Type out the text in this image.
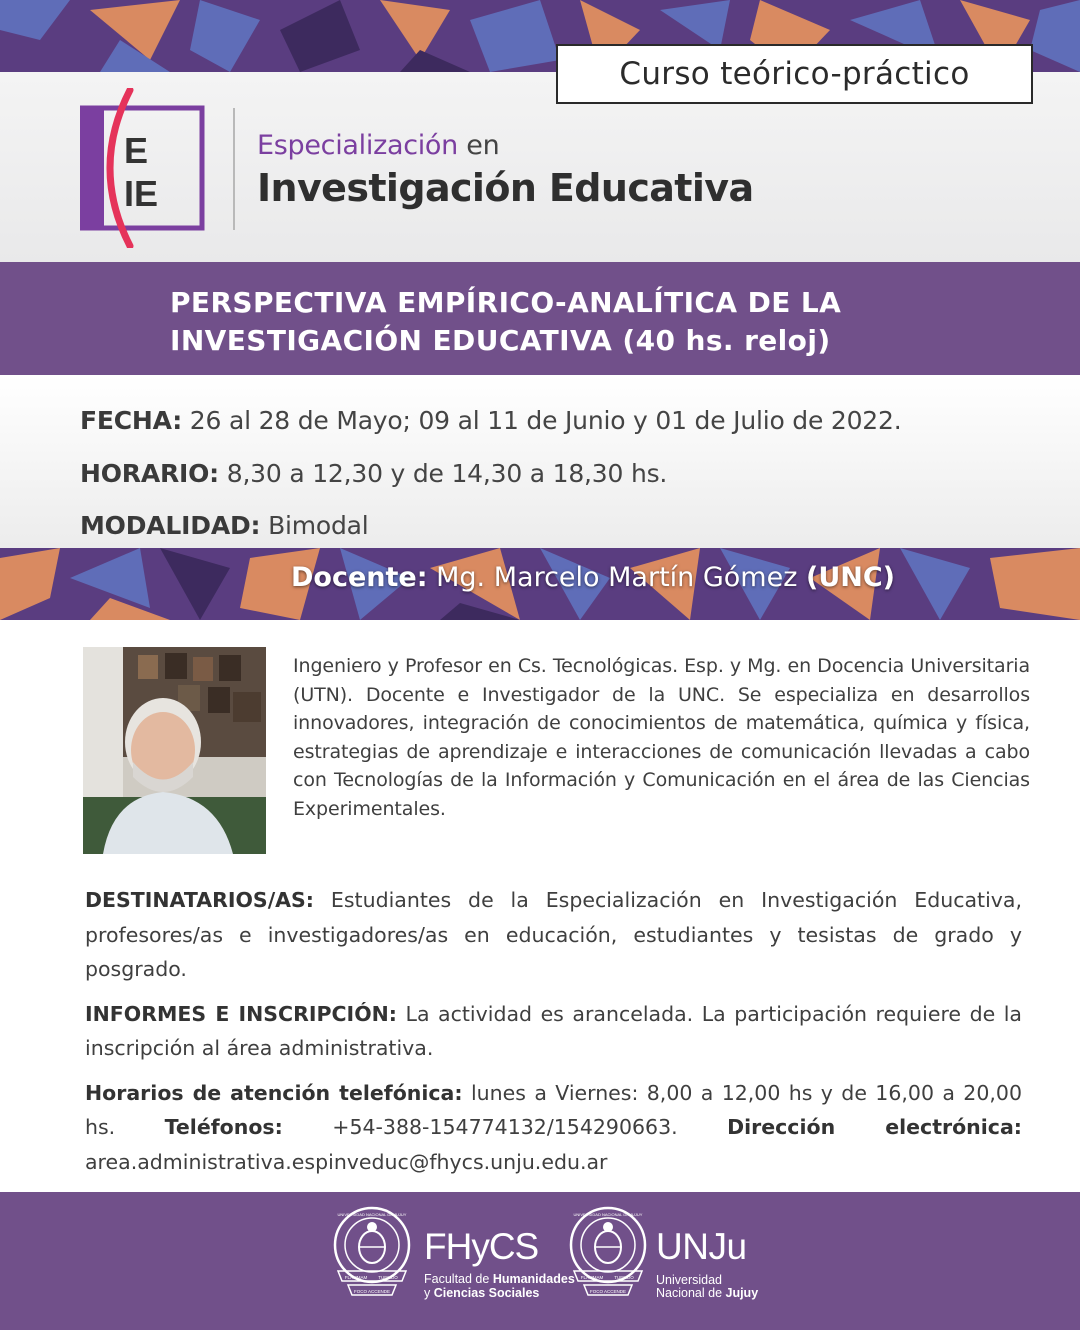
Curso teórico-práctico
E
IE
Especialización en
Investigación Educativa
PERSPECTIVA EMPÍRICO-ANALÍTICA DE LA
INVESTIGACIÓN EDUCATIVA (40 hs. reloj)
FECHA: 26 al 28 de Mayo; 09 al 11 de Junio y 01 de Julio de 2022.
HORARIO: 8,30 a 12,30 y de 14,30 a 18,30 hs.
MODALIDAD: Bimodal
Docente: Mg. Marcelo Martín Gómez (UNC)
Ingeniero y Profesor en Cs. Tecnológicas. Esp. y Mg. en Docencia Universitaria (UTN). Docente e Investigador de la UNC. Se especializa en desarrollos innovadores, integración de conocimientos de matemática, química y física, estrategias de aprendizaje e interacciones de comunicación llevadas a cabo con Tecnologías de la Información y Comunicación en el área de las Ciencias Experimentales.

DESTINATARIOS/AS: Estudiantes de la Especialización en Investigación Educativa, profesores/as e investigadores/as en educación, estudiantes y tesistas de grado y posgrado.

INFORMES E INSCRIPCIÓN: La actividad es arancelada. La participación requiere de la inscripción al área administrativa.

Horarios de atención telefónica: lunes a Viernes: 8,00 a 12,00 hs y de 16,00 a 20,00 hs. Teléfonos: +54-388-154774132/154290663. Dirección electrónica: area.administrativa.espinveduc@fhycs.unju.edu.ar

UNIVERSIDAD NACIONAL DE JUJUY
FLAMMAM TUEMDO
FOCO ACCENDE
FHyCS
Facultad de Humanidades
y Ciencias Sociales
UNIVERSIDAD NACIONAL DE JUJUY
FLAMMAM TUEMDO
FOCO ACCENDE
UNJu
Universidad
Nacional de Jujuy
